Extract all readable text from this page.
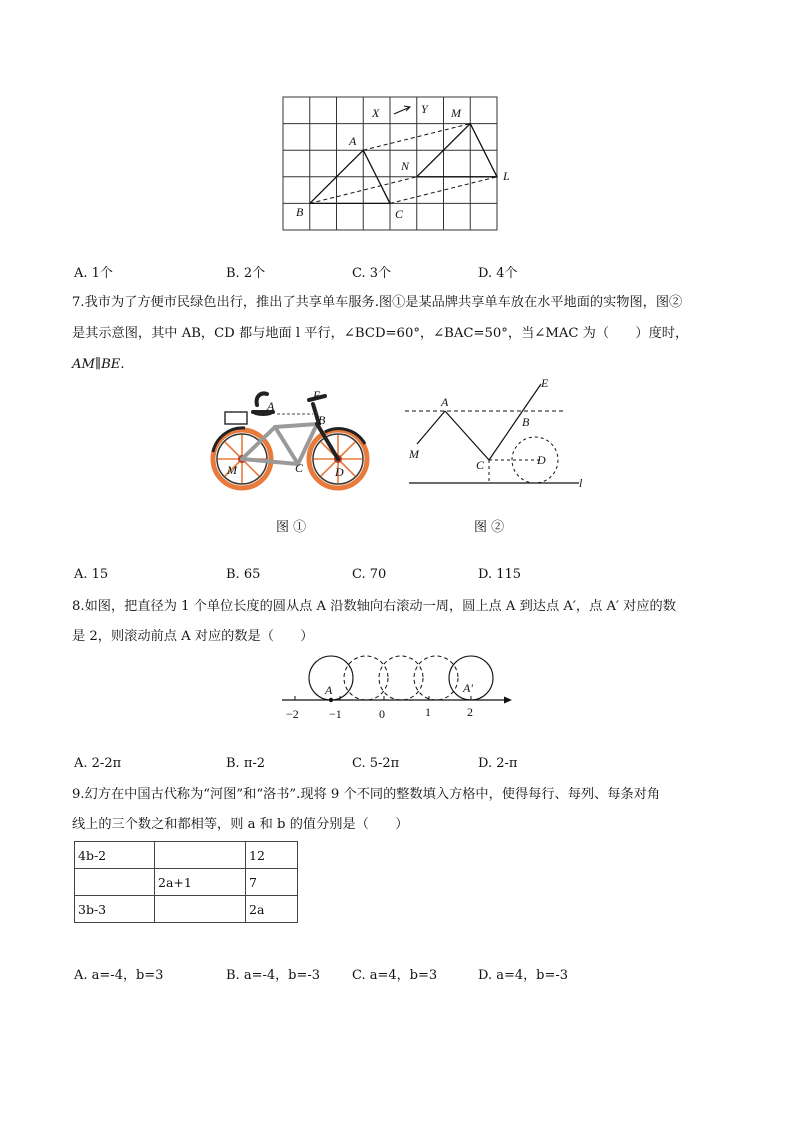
X	Y M
A
N
L
B	C
A. 1个	B. 2个	C. 3个	D. 4个
7.我市为了方便市民绿色出行，推出了共享单车服务.图①是某品牌共享单车放在水平地面的实物图，图②
是其示意图，其中 AB，CD 都与地面 l 平行，∠BCD=60°，∠BAC=50°，当∠MAC 为（　　）度时，
AM∥BE.
A
E
B
M	C	D
E
A
B
M
C	D
l
图 ①	图 ②
A. 15	B. 65	C. 70	D. 115
8.如图，把直径为 1 个单位长度的圆从点 A 沿数轴向右滚动一周，圆上点 A 到达点 A′，点 A′ 对应的数
是 2，则滚动前点 A 对应的数是（　　）
A	A′
−2	−1	0	1	2
A. 2-2π	B. π-2	C. 5-2π	D. 2-π
9.幻方在中国古代称为“河图”和“洛书”.现将 9 个不同的整数填入方格中，使得每行、每列、每条对角
线上的三个数之和都相等，则 a 和 b 的值分别是（　　）
4b-2		12
	2a+1	7
3b-3		2a
A. a=-4，b=3	B. a=-4，b=-3 C. a=4，b=3	D. a=4，b=-3
